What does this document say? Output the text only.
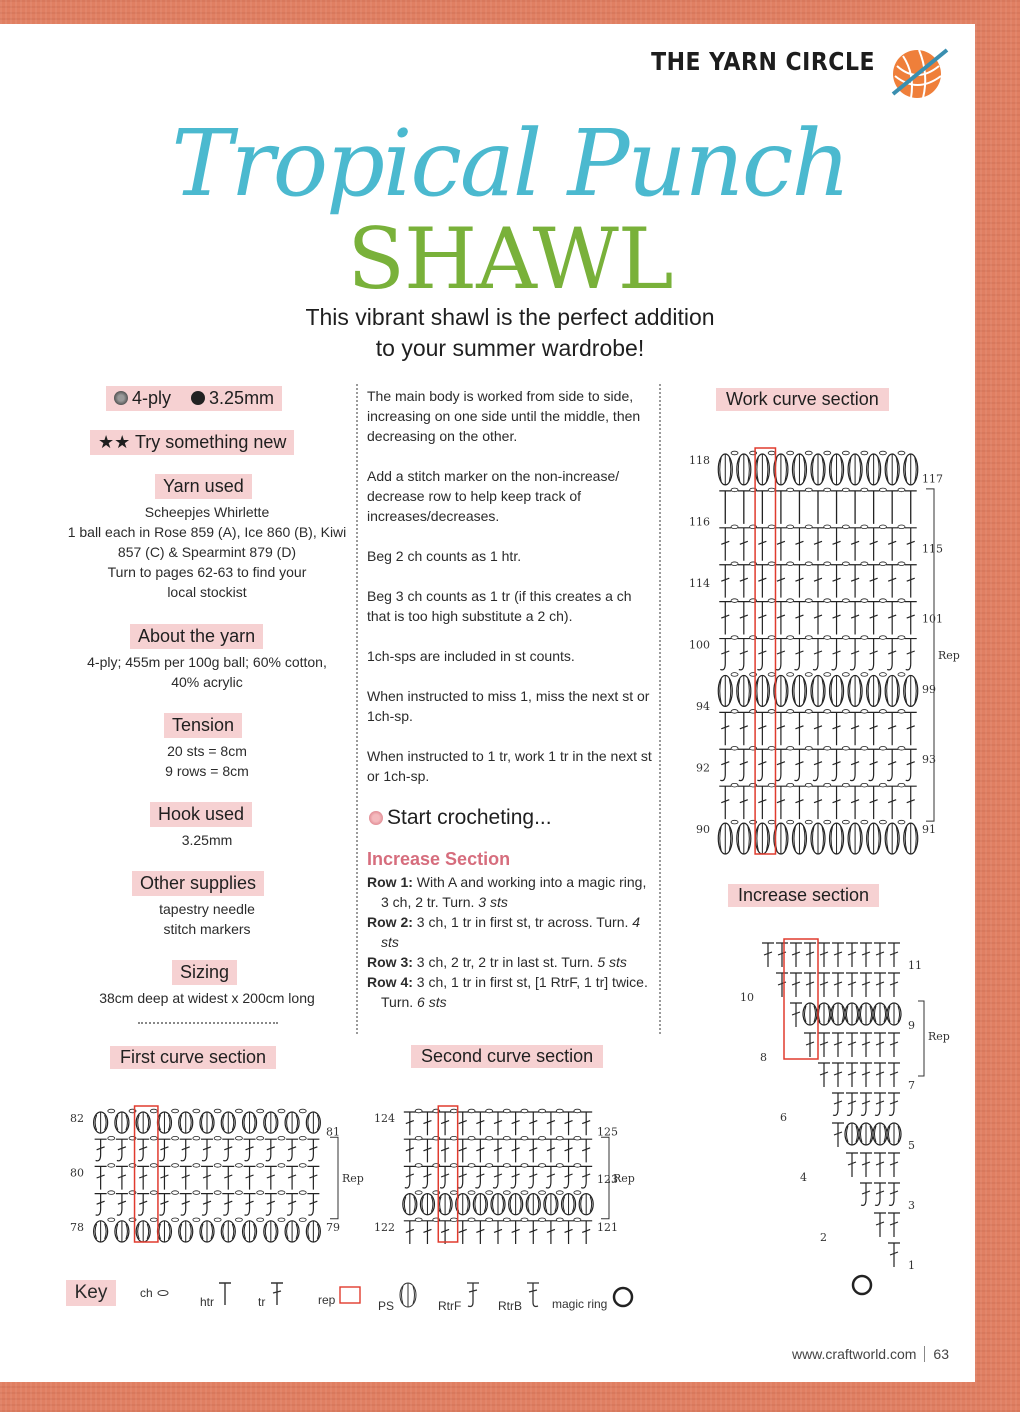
THE YARN CIRCLE
Tropical Punch
SHAWL
This vibrant shawl is the perfect addition
to your summer wardrobe!
4-ply 3.25mm
★★ Try something new
Yarn used
Scheepjes Whirlette
1 ball each in Rose 859 (A), Ice 860 (B), Kiwi
857 (C) & Spearmint 879 (D)
Turn to pages 62-63 to find your
local stockist
About the yarn
4-ply; 455m per 100g ball; 60% cotton,
40% acrylic
Tension
20 sts = 8cm
9 rows = 8cm
Hook used
3.25mm
Other supplies
tapestry needle
stitch markers
Sizing
38cm deep at widest x 200cm long

The main body is worked from side to side, increasing on one side until the middle, then decreasing on the other.

Add a stitch marker on the non-increase/ decrease row to help keep track of increases/decreases.

Beg 2 ch counts as 1 htr.

Beg 3 ch counts as 1 tr (if this creates a ch that is too high substitute a 2 ch).

1ch-sps are included in st counts.

When instructed to miss 1, miss the next st or 1ch-sp.

When instructed to 1 tr, work 1 tr in the next st or 1ch-sp.

Start crocheting...
Increase Section
Row 1: With A and working into a magic ring, 3 ch, 2 tr. Turn. 3 sts
Row 2: 3 ch, 1 tr in first st, tr across. Turn. 4 sts
Row 3: 3 ch, 2 tr, 2 tr in last st. Turn. 5 sts
Row 4: 3 ch, 1 tr in first st, [1 RtrF, 1 tr] twice. Turn. 6 sts
Work curve section
Increase section
First curve section	Second curve section
Rep
118
116
114
100
94
92
90
117
115
101
99
93
91
Rep
10
8
6
4
2
11
9
7
5
3
1
Rep
82
80
78
81
79
Rep
124
122
125
123
121
Key	ch
htr	tr	rep	PS	RtrF	RtrB	magic ring
www.craftworld.com 63
